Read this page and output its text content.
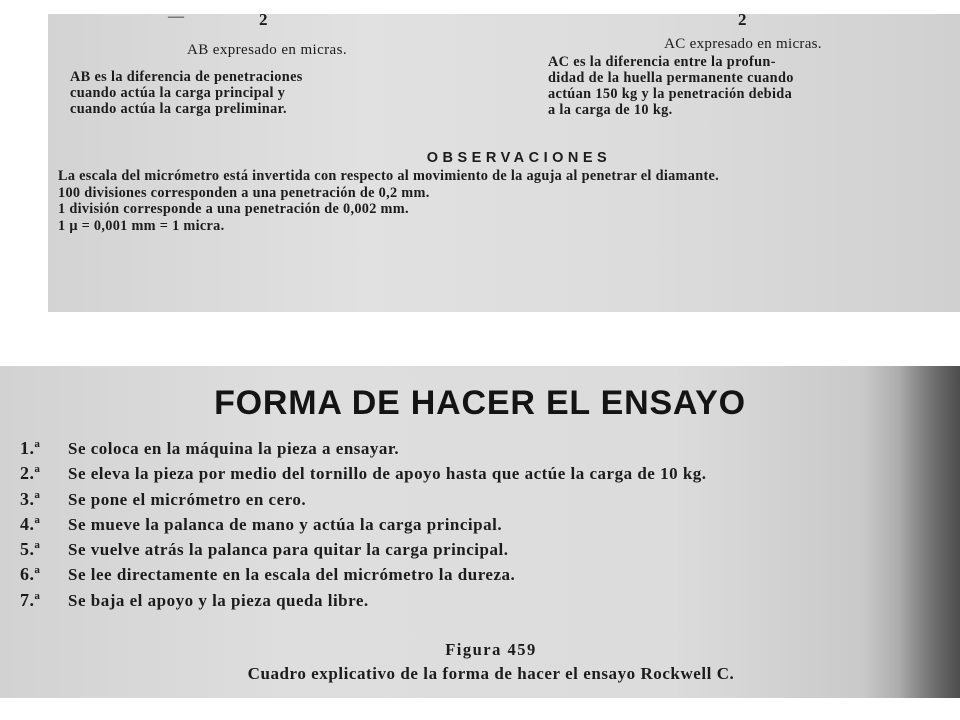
—	2	2
AB expresado en micras.
AB es la diferencia de penetraciones
cuando actúa la carga principal y
cuando actúa la carga preliminar.
AC expresado en micras.
AC es la diferencia entre la profun-
didad de la huella permanente cuando
actúan 150 kg y la penetración debida
a la carga de 10 kg.
OBSERVACIONES
La escala del micrómetro está invertida con respecto al movimiento de la aguja al penetrar el diamante.
100 divisiones corresponden a una penetración de 0,2 mm.
1 división corresponde a una penetración de 0,002 mm.
1 μ = 0,001 mm = 1 micra.
FORMA DE HACER EL ENSAYO
1.ª	Se coloca en la máquina la pieza a ensayar.
2.ª	Se eleva la pieza por medio del tornillo de apoyo hasta que actúe la carga de 10 kg.
3.ª	Se pone el micrómetro en cero.
4.ª	Se mueve la palanca de mano y actúa la carga principal.
5.ª	Se vuelve atrás la palanca para quitar la carga principal.
6.ª	Se lee directamente en la escala del micrómetro la dureza.
7.ª	Se baja el apoyo y la pieza queda libre.
Figura 459
Cuadro explicativo de la forma de hacer el ensayo Rockwell C.
